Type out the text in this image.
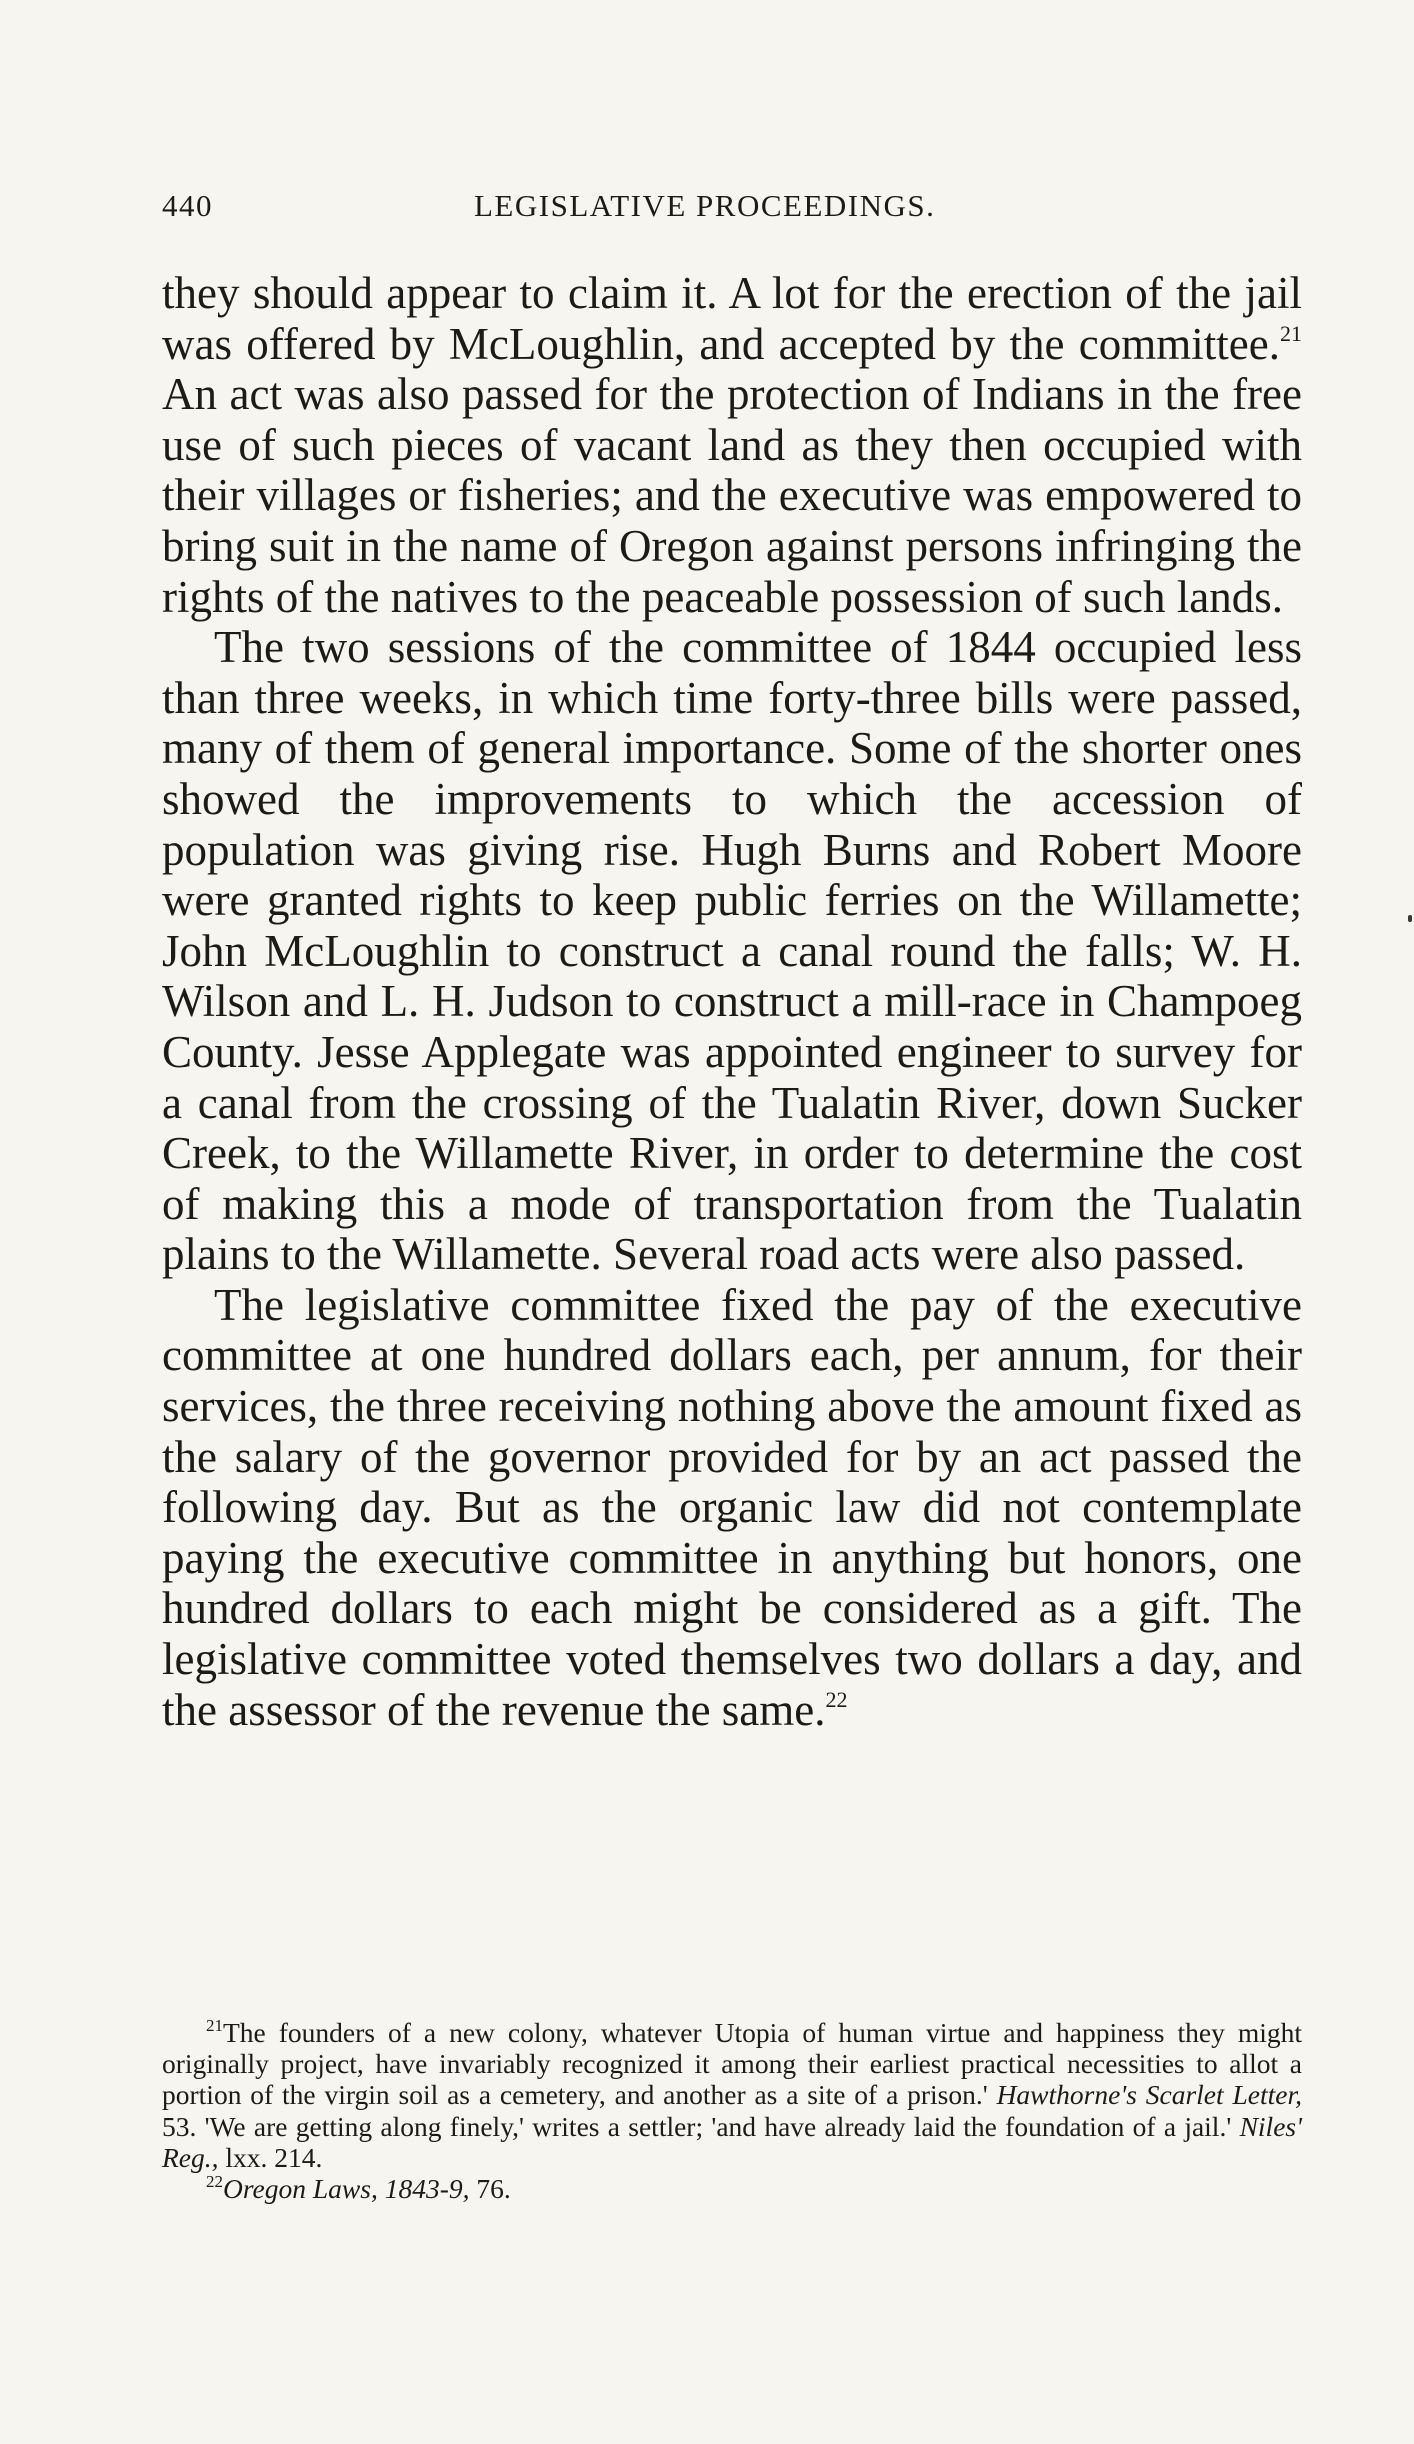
440	LEGISLATIVE PROCEEDINGS.

they should appear to claim it. A lot for the erection of the jail was offered by McLoughlin, and accepted by the committee.$^{21}$ An act was also passed for the protection of Indians in the free use of such pieces of vacant land as they then occupied with their villages or fisheries; and the executive was empowered to bring suit in the name of Oregon against persons infringing the rights of the natives to the peaceable possession of such lands.

The two sessions of the committee of 1844 occupied less than three weeks, in which time forty-three bills were passed, many of them of general importance. Some of the shorter ones showed the improvements to which the accession of population was giving rise. Hugh Burns and Robert Moore were granted rights to keep public ferries on the Willamette; John McLoughlin to construct a canal round the falls; W. H. Wilson and L. H. Judson to construct a mill-race in Champoeg County. Jesse Applegate was appointed engineer to survey for a canal from the crossing of the Tualatin River, down Sucker Creek, to the Willamette River, in order to determine the cost of making this a mode of transportation from the Tualatin plains to the Willamette. Several road acts were also passed.

The legislative committee fixed the pay of the executive committee at one hundred dollars each, per annum, for their services, the three receiving nothing above the amount fixed as the salary of the governor provided for by an act passed the following day. But as the organic law did not contemplate paying the executive committee in anything but honors, one hundred dollars to each might be considered as a gift. The legislative committee voted themselves two dollars a day, and the assessor of the revenue the same.$^{22}$

$^{21}$The founders of a new colony, whatever Utopia of human virtue and happiness they might originally project, have invariably recognized it among their earliest practical necessities to allot a portion of the virgin soil as a cemetery, and another as a site of a prison.' Hawthorne's Scarlet Letter, 53. 'We are getting along finely,' writes a settler; 'and have already laid the foundation of a jail.' Niles' Reg., lxx. 214.

$^{22}$Oregon Laws, 1843-9, 76.
